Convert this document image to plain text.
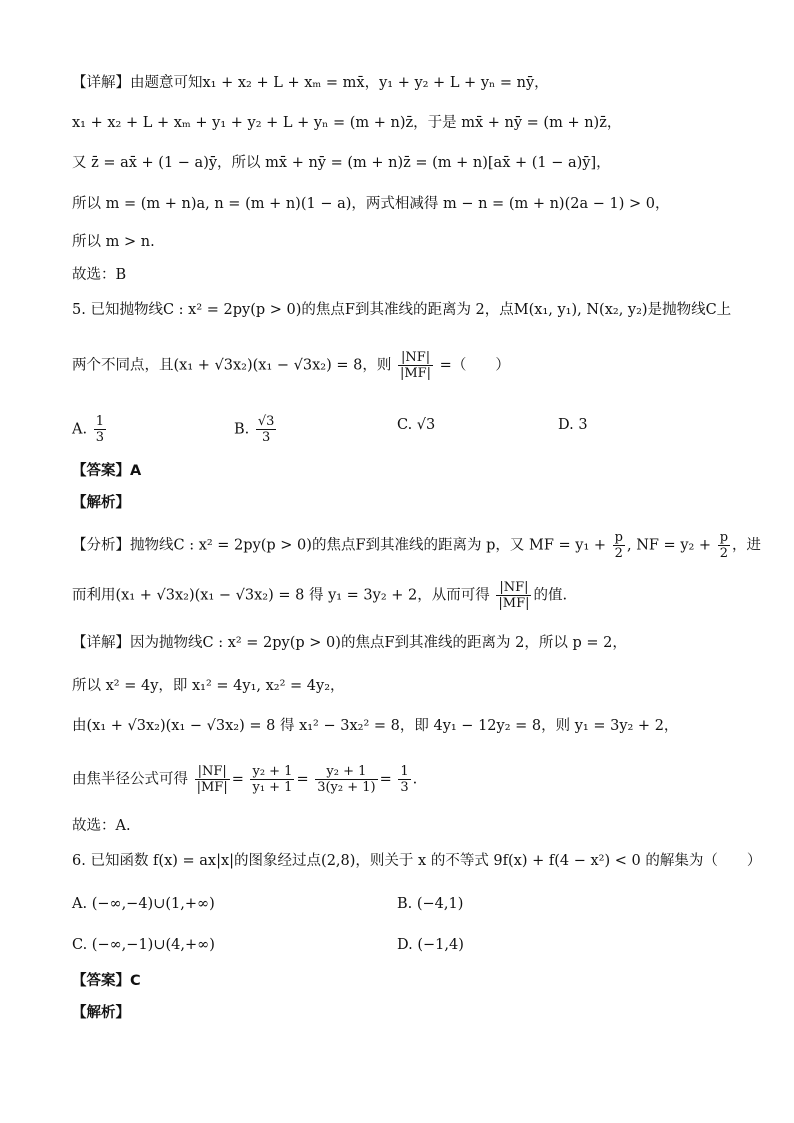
【详解】由题意可知x₁ + x₂ + L + xₘ = mx̄，y₁ + y₂ + L + yₙ = nȳ，
x₁ + x₂ + L + xₘ + y₁ + y₂ + L + yₙ = (m + n)z̄，于是 mx̄ + nȳ = (m + n)z̄，
又 z̄ = ax̄ + (1 − a)ȳ，所以 mx̄ + nȳ = (m + n)z̄ = (m + n)[ax̄ + (1 − a)ȳ]，
所以 m = (m + n)a, n = (m + n)(1 − a)，两式相减得 m − n = (m + n)(2a − 1) > 0，
所以 m > n.
故选：B
5. 已知抛物线C : x² = 2py(p > 0)的焦点F到其准线的距离为 2，点M(x₁, y₁), N(x₂, y₂)是抛物线C上
两个不同点，且(x₁ + √3x₂)(x₁ − √3x₂) = 8，则 $\frac{|NF|}{|MF|}$ =（　　）
A. $\frac{1}{3}$	B. $\frac{√3}{3}$	C. √3	D. 3
【答案】A
【解析】
【分析】抛物线C : x² = 2py(p > 0)的焦点F到其准线的距离为 p，又 MF = $y_1 + \frac{p}{2}$ , NF = $y_2 + \frac{p}{2}$ ，进
而利用(x₁ + √3x₂)(x₁ − √3x₂) = 8 得 y₁ = 3y₂ + 2，从而可得 $\frac{|NF|}{|MF|}$ 的值.
【详解】因为抛物线C : x² = 2py(p > 0)的焦点F到其准线的距离为 2，所以 p = 2，
所以 x² = 4y，即 x₁² = 4y₁, x₂² = 4y₂，
由(x₁ + √3x₂)(x₁ − √3x₂) = 8 得 x₁² − 3x₂² = 8，即 4y₁ − 12y₂ = 8，则 y₁ = 3y₂ + 2，
由焦半径公式可得 $\frac{|NF|}{|MF|} = \frac{\text{y₂ + 1}}{\text{y₁ + 1}} = \frac{\text{y₂ + 1}}{\text{3(y₂ + 1)}} = \frac{1}{3}$ .
故选：A.
6. 已知函数 f(x) = ax|x|的图象经过点(2,8)，则关于 x 的不等式 9f(x) + f(4 − x²) < 0 的解集为（　　）
A. (−∞,−4)∪(1,+∞)	B. (−4,1)
C. (−∞,−1)∪(4,+∞)	D. (−1,4)
【答案】C
【解析】
